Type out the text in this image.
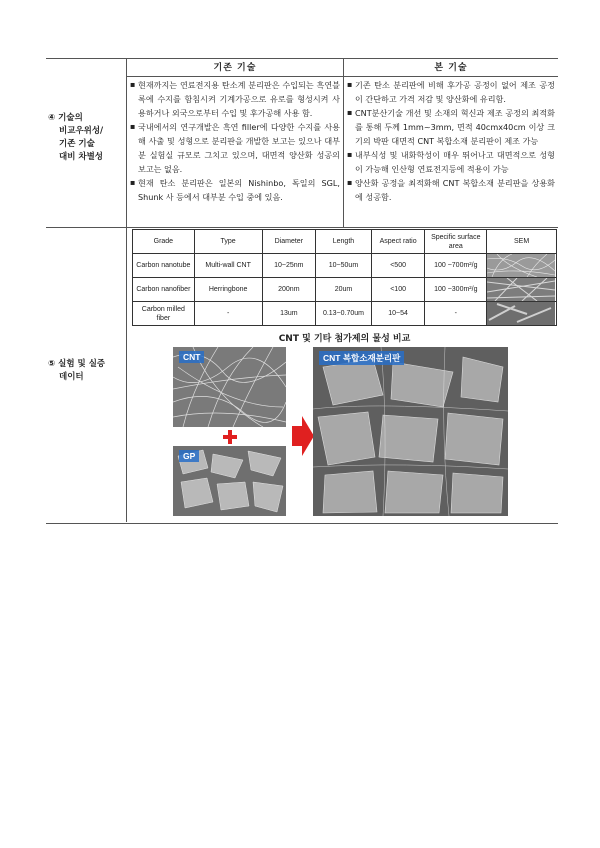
④ 기술의
비교우위성/
기존 기술
대비 차별성
기존 기술	본 기술
▪ 현재까지는 연료전지용 탄소계 분리판은 수입되는 흑연블록에 수지를 함침시켜 기계가공으로 유로를 형성시켜 사용하거나 외국으로부터 수입 및 후가공해 사용 함.
▪ 국내에서의 연구개발은 흑연 filler에 다양한 수지를 사용해 사출 및 성형으로 분리판을 개발한 보고는 있으나 대부분 실험실 규모로 그치고 있으며, 대면적 양산화 성공의 보고는 없음.
▪ 현재 탄소 분리판은 일본의 Nishinbo, 독일의 SGL, Shunk 사 등에서 대부분 수입 중에 있음.
▪ 기존 탄소 분리판에 비해 후가공 공정이 없어 제조 공정이 간단하고 가격 저감 및 양산화에 유리함.
▪ CNT분산기술 개선 및 소재의 혁신과 제조 공정의 최적화를 통해 두께 1mm~3mm, 면적 40cmx40cm 이상 크기의 박판 대면적 CNT 복합소재 분리판이 제조 가능
▪ 내부식성 및 내화학성이 매우 뛰어나고 대면적으로 성형이 가능해 인산형 연료전지등에 적용이 가능
▪ 양산화 공정을 최적화해 CNT 복합소재 분리판을 상용화에 성공함.
⑤ 실험 및 실증
데이터
Grade	Type	Diameter	Length	Aspect ratio	Specific surface area	SEM
Carbon nanotube	Multi-wall CNT	10~25nm	10~50um	<500	100 ~700m²/g	

Carbon nanofiber	Herringbone	200nm	20um	<100	100 ~300m²/g	

Carbon milled fiber	-	13um	0.13~0.70um	10~54	-	
CNT 및 기타 첨가제의 물성 비교
CNT
GP
CNT 복합소재분리판
